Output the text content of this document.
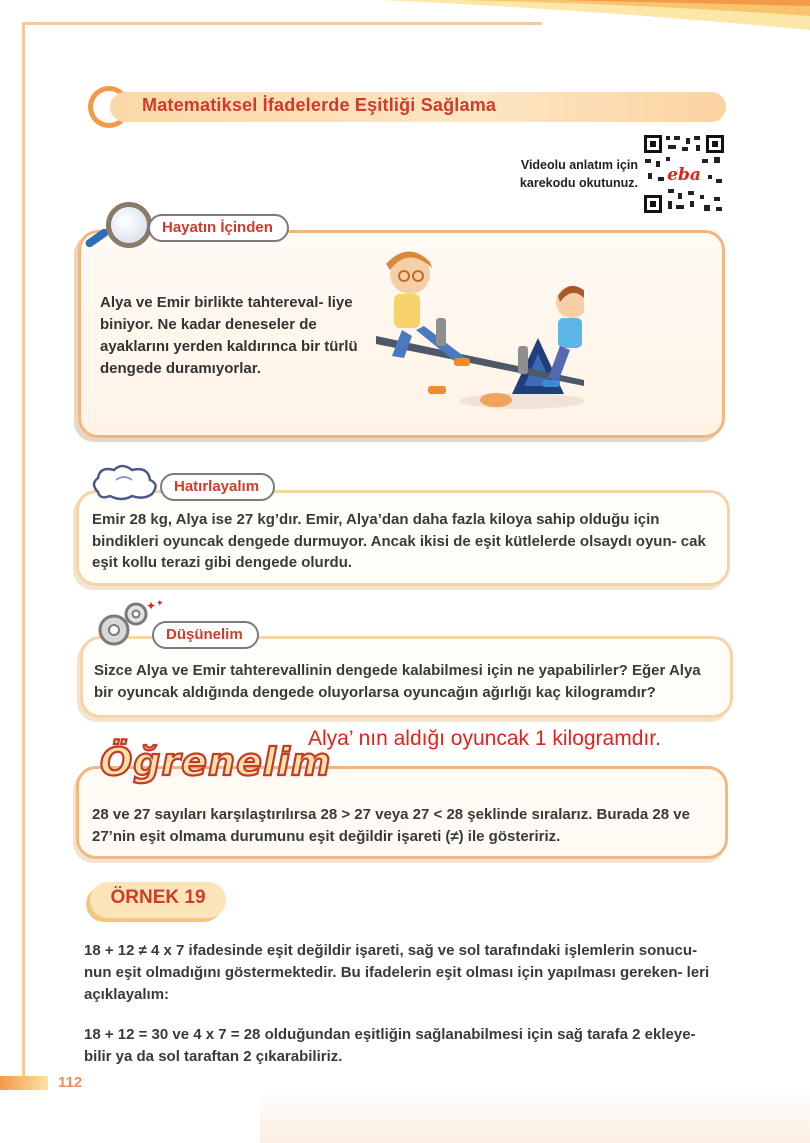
Matematiksel İfadelerde Eşitliği Sağlama
Videolu anlatım için
karekodu okutunuz. eba
Hayatın İçinden
Alya ve Emir birlikte tahtereval- liye biniyor. Ne kadar deneseler de ayaklarını yerden kaldırınca bir türlü dengede duramıyorlar.
Hatırlayalım
Emir 28 kg, Alya ise 27 kg’dır. Emir, Alya’dan daha fazla kiloya sahip olduğu için bindikleri oyuncak dengede durmuyor. Ancak ikisi de eşit kütlelerde olsaydı oyun- cak eşit kollu terazi gibi dengede olurdu.
✦ ✦
Düşünelim
Sizce Alya ve Emir tahterevallinin dengede kalabilmesi için ne yapabilirler? Eğer Alya bir oyuncak aldığında dengede oluyorlarsa oyuncağın ağırlığı kaç kilogramdır?
Alya’ nın aldığı oyuncak 1 kilogramdır.
Öğrenelim
28 ve 27 sayıları karşılaştırılırsa 28 > 27 veya 27 < 28 şeklinde sıralarız. Burada 28 ve 27’nin eşit olmama durumunu eşit değildir işareti (≠) ile gösteririz.
ÖRNEK 19
18 + 12 ≠ 4 x 7 ifadesinde eşit değildir işareti, sağ ve sol tarafındaki işlemlerin sonucu- nun eşit olmadığını göstermektedir. Bu ifadelerin eşit olması için yapılması gereken- leri açıklayalım:
18 + 12 = 30 ve 4 x 7 = 28 olduğundan eşitliğin sağlanabilmesi için sağ tarafa 2 ekleye- bilir ya da sol taraftan 2 çıkarabiliriz.
112
